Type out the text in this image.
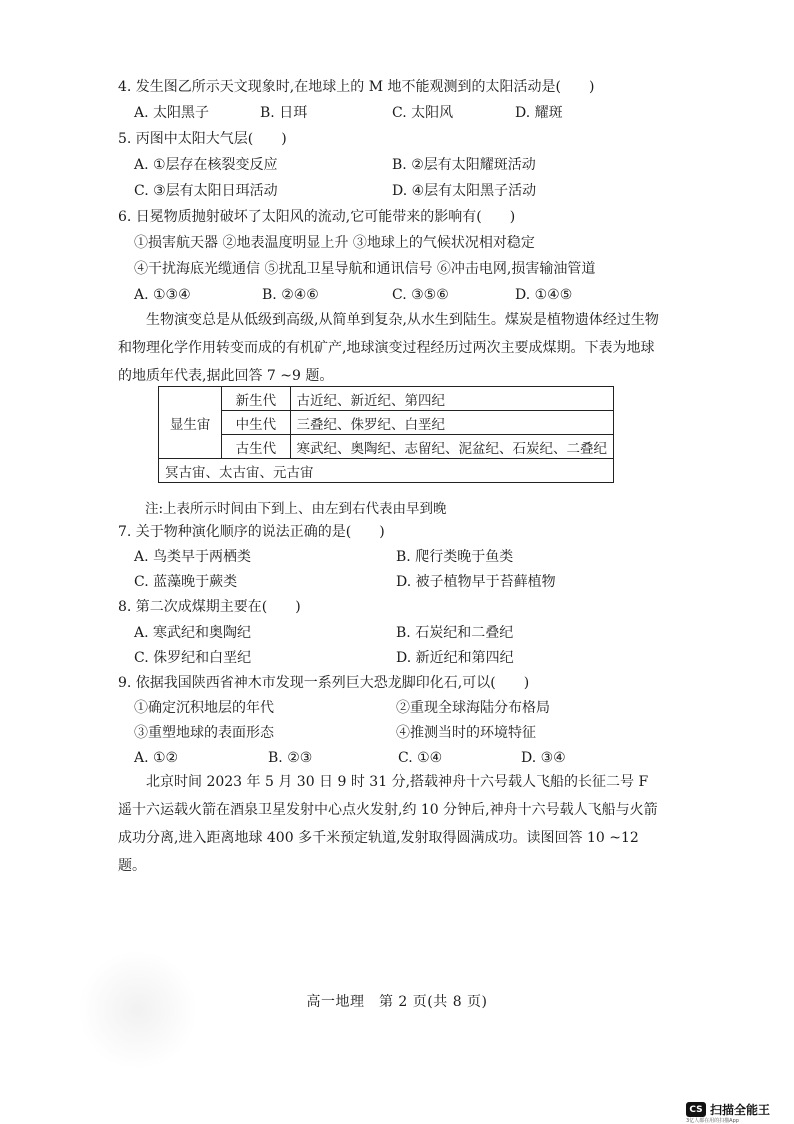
4. 发生图乙所示天文现象时,在地球上的 M 地不能观测到的太阳活动是(　　)
A. 太阳黑子	B. 日珥	C. 太阳风	D. 耀斑
5. 丙图中太阳大气层(　　)
A. ①层存在核裂变反应	B. ②层有太阳耀斑活动
C. ③层有太阳日珥活动	D. ④层有太阳黑子活动
6. 日冕物质抛射破坏了太阳风的流动,它可能带来的影响有(　　)
①损害航天器 ②地表温度明显上升 ③地球上的气候状况相对稳定
④干扰海底光缆通信 ⑤扰乱卫星导航和通讯信号 ⑥冲击电网,损害输油管道
A. ①③④	B. ②④⑥	C. ③⑤⑥	D. ①④⑤
生物演变总是从低级到高级,从简单到复杂,从水生到陆生。煤炭是植物遗体经过生物和物理化学作用转变而成的有机矿产,地球演变过程经历过两次主要成煤期。下表为地球的地质年代表,据此回答 7 ~9 题。
显生宙	新生代	古近纪、新近纪、第四纪
	中生代	三叠纪、侏罗纪、白垩纪
	古生代	寒武纪、奥陶纪、志留纪、泥盆纪、石炭纪、二叠纪
冥古宙、太古宙、元古宙		
注:上表所示时间由下到上、由左到右代表由早到晚
7. 关于物种演化顺序的说法正确的是(　　)
A. 鸟类早于两栖类	B. 爬行类晚于鱼类
C. 蓝藻晚于蕨类	D. 被子植物早于苔藓植物
8. 第二次成煤期主要在(　　)
A. 寒武纪和奥陶纪	B. 石炭纪和二叠纪
C. 侏罗纪和白垩纪	D. 新近纪和第四纪
9. 依据我国陕西省神木市发现一系列巨大恐龙脚印化石,可以(　　)
①确定沉积地层的年代	②重现全球海陆分布格局
③重塑地球的表面形态	④推测当时的环境特征
A. ①②	B. ②③	C. ①④	D. ③④
北京时间 2023 年 5 月 30 日 9 时 31 分,搭载神舟十六号载人飞船的长征二号 F 遥十六运载火箭在酒泉卫星发射中心点火发射,约 10 分钟后,神舟十六号载人飞船与火箭成功分离,进入距离地球 400 多千米预定轨道,发射取得圆满成功。读图回答 10 ~12 题。
高一地理　第 2 页(共 8 页)
CS 扫描全能王
3亿人都在用的扫描App
